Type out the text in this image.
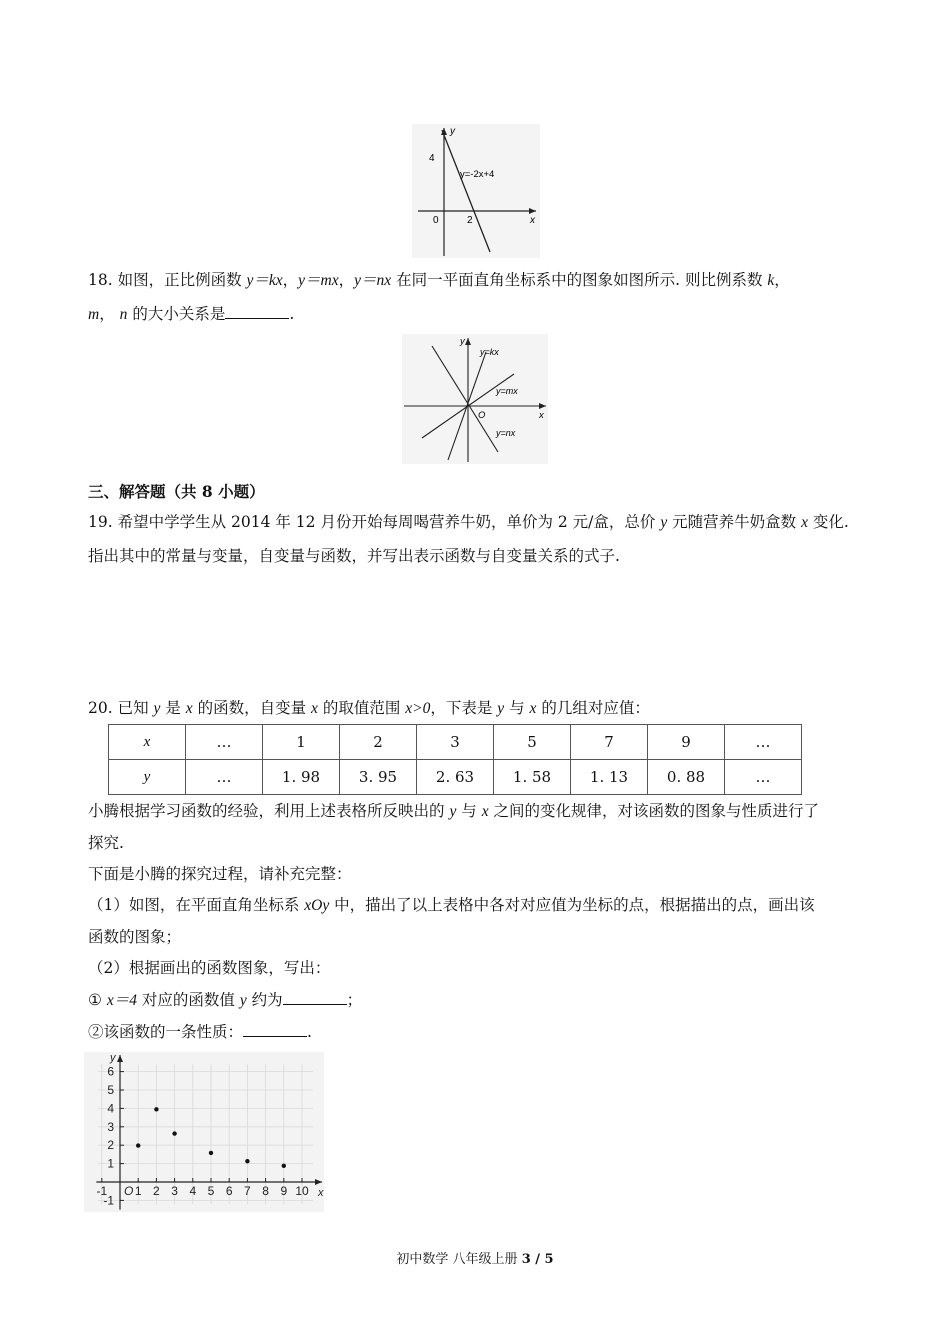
y
x
4
0	2
y=-2x+4
18. 如图，正比例函数 y＝kx，y＝mx，y＝nx 在同一平面直角坐标系中的图象如图所示. 则比例系数 k，
m， n 的大小关系是	.
y
x
O
y=kx
y=mx
y=nx
三、解答题（共 8 小题）
19. 希望中学学生从 2014 年 12 月份开始每周喝营养牛奶，单价为 2 元/盒，总价 y 元随营养牛奶盒数 x 变化.
指出其中的常量与变量，自变量与函数，并写出表示函数与自变量关系的式子.
20. 已知 y 是 x 的函数，自变量 x 的取值范围 x>0，下表是 y 与 x 的几组对应值：
x	…	1	2	3	5	7	9	…
y	…	1. 98	3. 95	2. 63	1. 58	1. 13	0. 88	…
小腾根据学习函数的经验，利用上述表格所反映出的 y 与 x 之间的变化规律，对该函数的图象与性质进行了
探究.
下面是小腾的探究过程，请补充完整：
（1）如图，在平面直角坐标系 xOy 中，描出了以上表格中各对对应值为坐标的点，根据描出的点，画出该
函数的图象；
（2）根据画出的函数图象，写出：
① x＝4 对应的函数值 y 约为	；
②该函数的一条性质：	.
-1 1 2 3 4 5 6 7 8 9 10
-1
1
2
3
4
5
6
O	x
y
初中数学 八年级上册 3 / 5
